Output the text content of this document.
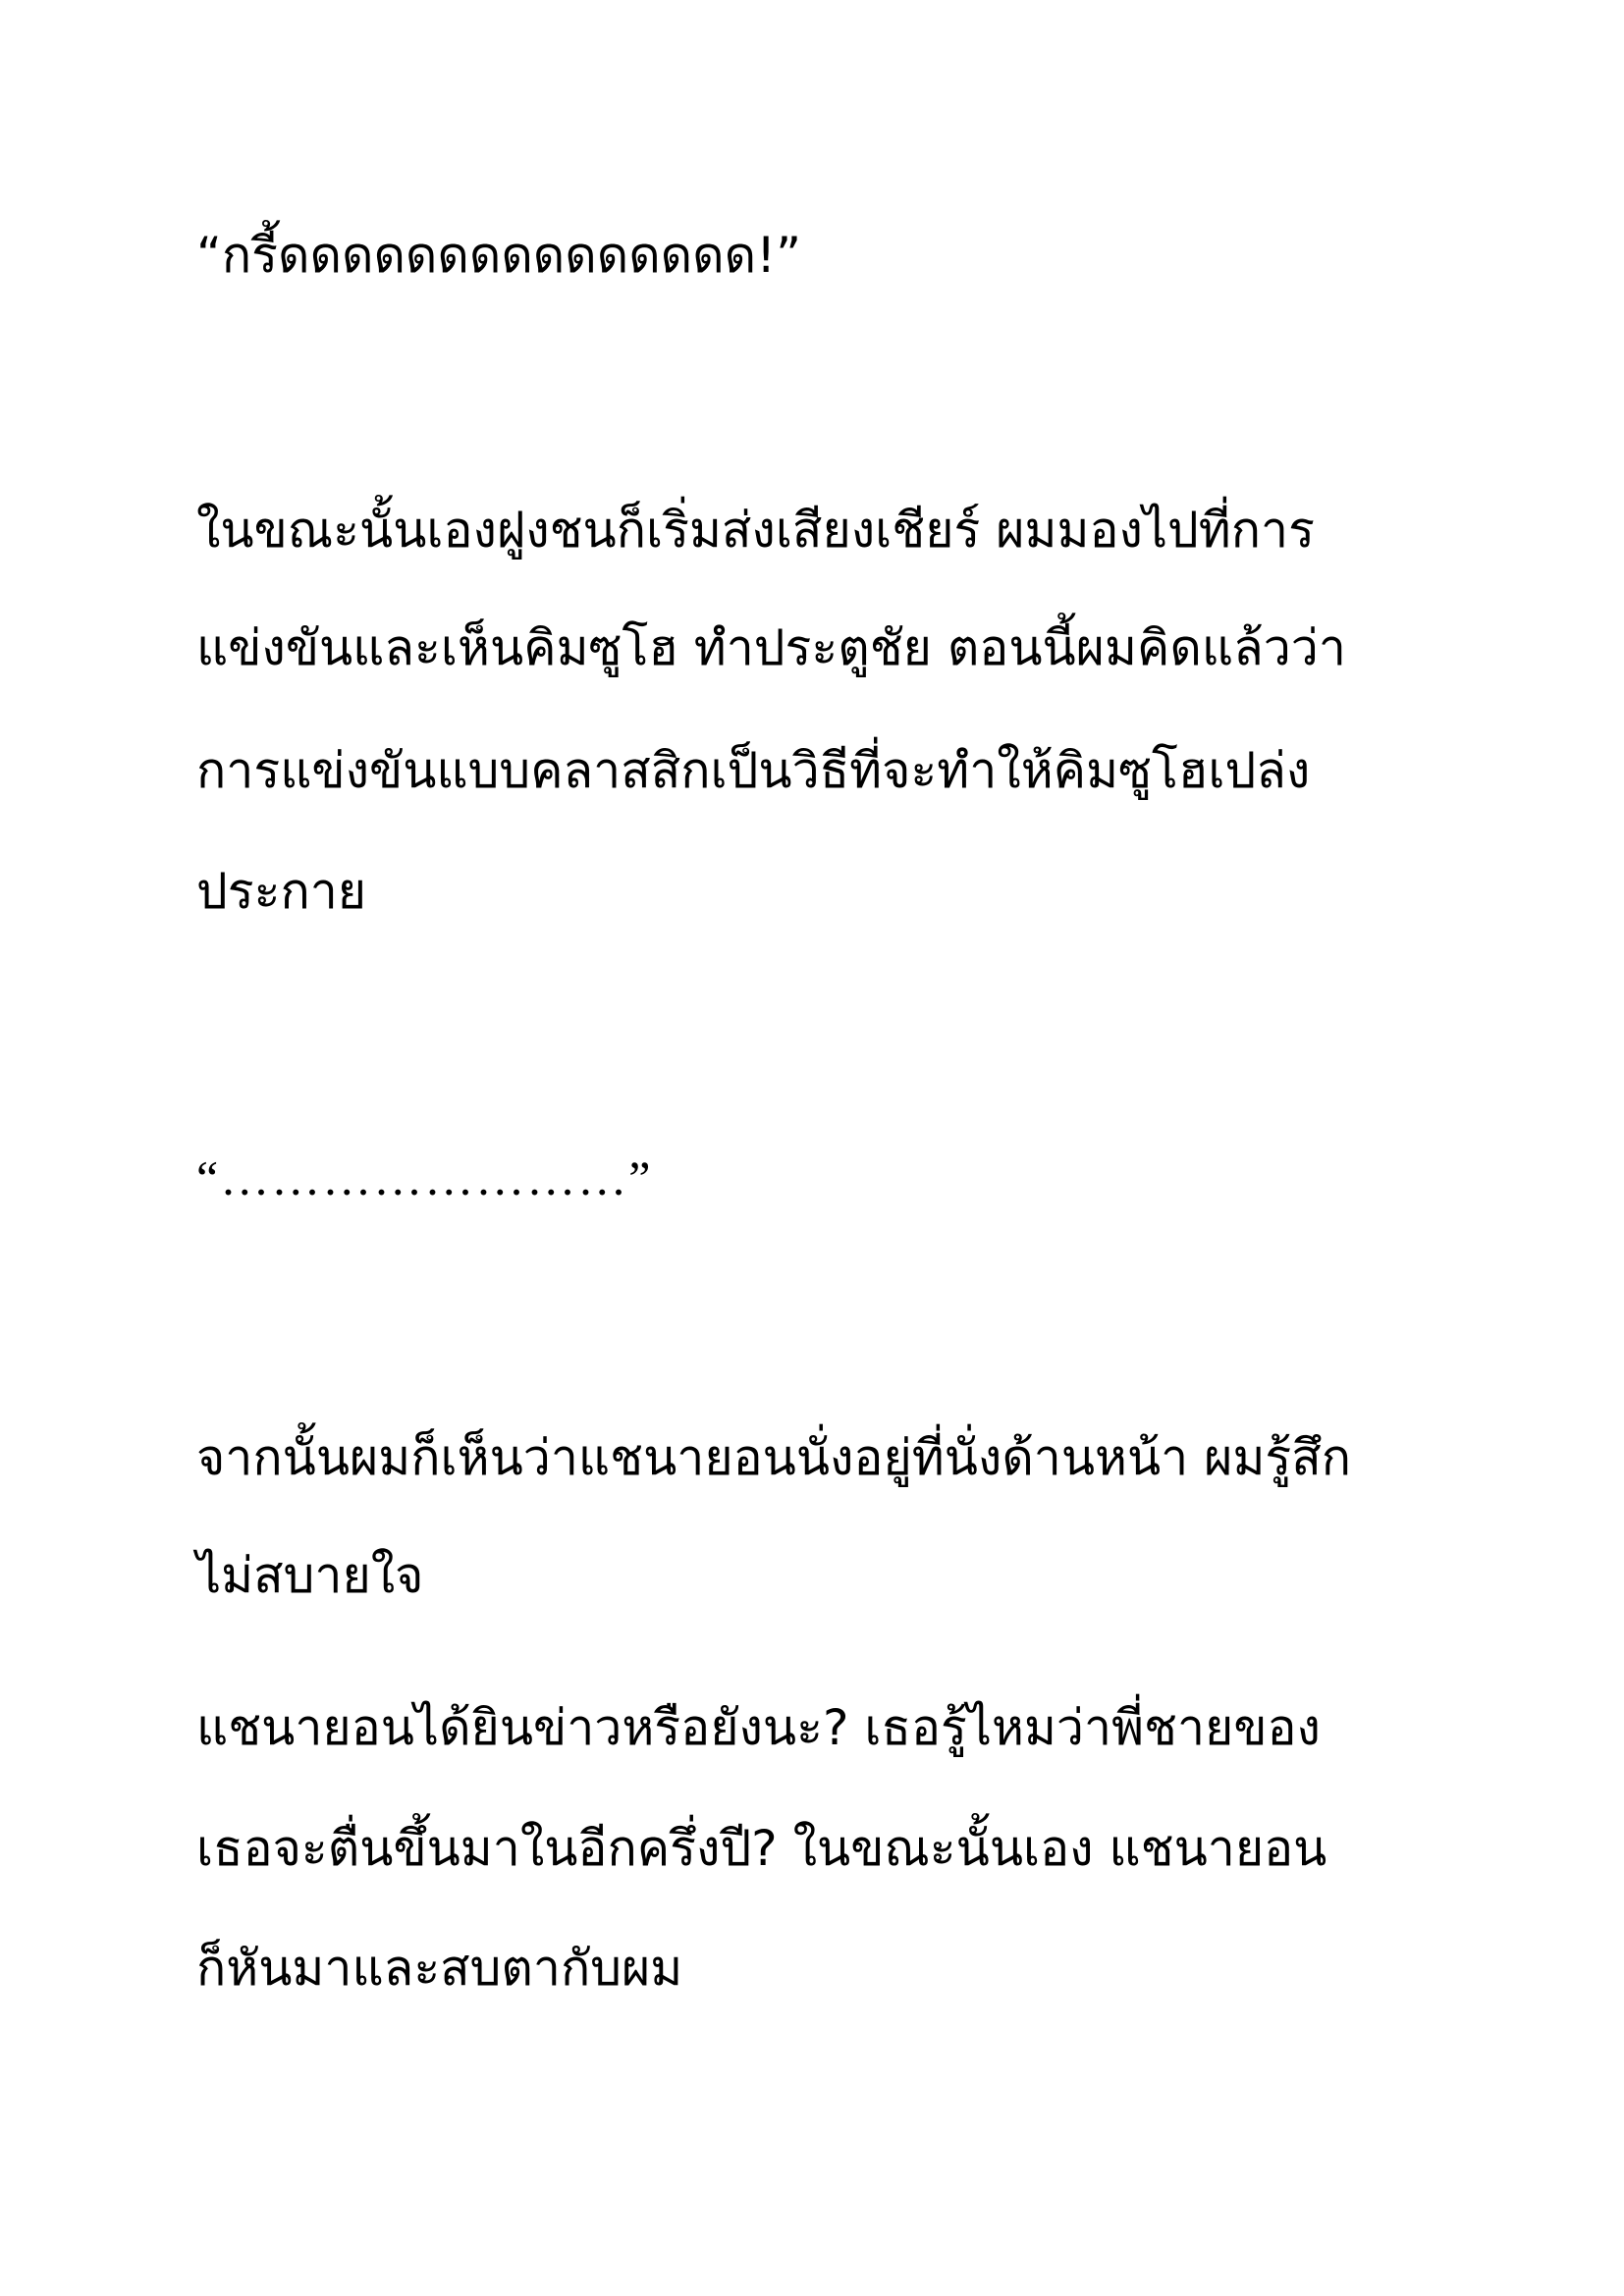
“กรี้ดดดดดดดดดดดดดดด!”
ในขณะนั้นเองฝูงชนก็เริ่มส่งเสียงเชียร์ ผมมองไปที่การ
แข่งขันและเห็นคิมซูโฮ ทำประตูชัย ตอนนี้ผมคิดแล้วว่า
การแข่งขันแบบคลาสสิกเป็นวิธีที่จะทำให้คิมซูโฮเปล่ง
ประกาย
“……………………”
จากนั้นผมก็เห็นว่าแชนายอนนั่งอยู่ที่นั่งด้านหน้า ผมรู้สึก
ไม่สบายใจ
แชนายอนได้ยินข่าวหรือยังนะ? เธอรู้ไหมว่าพี่ชายของ
เธอจะตื่นขึ้นมาในอีกครึ่งปี? ในขณะนั้นเอง แชนายอน
ก็หันมาและสบตากับผม
